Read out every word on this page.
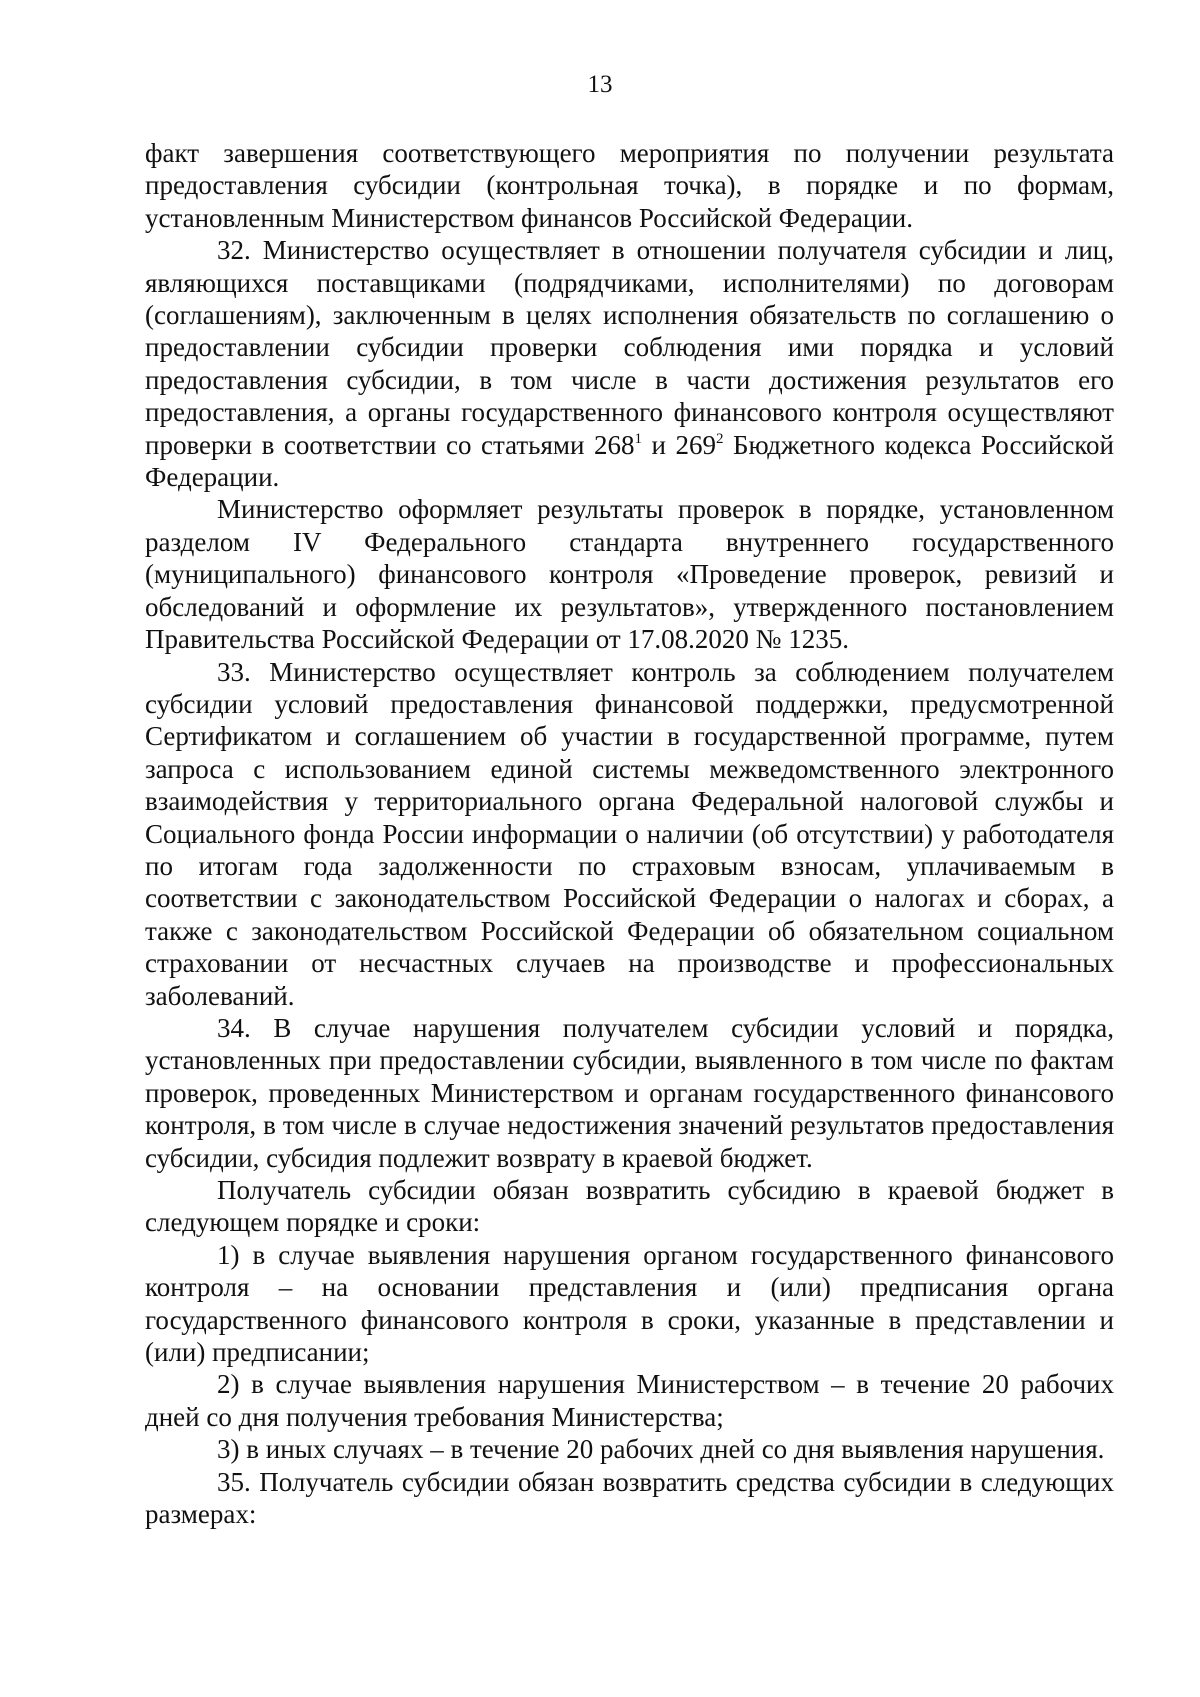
13

факт завершения соответствующего мероприятия по получении результата предоставления субсидии (контрольная точка), в порядке и по формам, установленным Министерством финансов Российской Федерации.

32. Министерство осуществляет в отношении получателя субсидии и лиц, являющихся поставщиками (подрядчиками, исполнителями) по договорам (соглашениям), заключенным в целях исполнения обязательств по соглашению о предоставлении субсидии проверки соблюдения ими порядка и условий предоставления субсидии, в том числе в части достижения результатов его предоставления, а органы государственного финансового контроля осуществляют проверки в соответствии со статьями $268^1$ и $269^2$ Бюджетного кодекса Российской Федерации.

Министерство оформляет результаты проверок в порядке, установленном разделом IV Федерального стандарта внутреннего государственного (муниципального) финансового контроля «Проведение проверок, ревизий и обследований и оформление их результатов», утвержденного постановлением Правительства Российской Федерации от 17.08.2020 № 1235.

33. Министерство осуществляет контроль за соблюдением получателем субсидии условий предоставления финансовой поддержки, предусмотренной Сертификатом и соглашением об участии в государственной программе, путем запроса с использованием единой системы межведомственного электронного взаимодействия у территориального органа Федеральной налоговой службы и Социального фонда России информации о наличии (об отсутствии) у работодателя по итогам года задолженности по страховым взносам, уплачиваемым в соответствии с законодательством Российской Федерации о налогах и сборах, а также с законодательством Российской Федерации об обязательном социальном страховании от несчастных случаев на производстве и профессиональных заболеваний.

34. В случае нарушения получателем субсидии условий и порядка, установленных при предоставлении субсидии, выявленного в том числе по фактам проверок, проведенных Министерством и органам государственного финансового контроля, в том числе в случае недостижения значений результатов предоставления субсидии, субсидия подлежит возврату в краевой бюджет.

Получатель субсидии обязан возвратить субсидию в краевой бюджет в следующем порядке и сроки:

1) в случае выявления нарушения органом государственного финансового контроля – на основании представления и (или) предписания органа государственного финансового контроля в сроки, указанные в представлении и (или) предписании;

2) в случае выявления нарушения Министерством – в течение 20 рабочих дней со дня получения требования Министерства;

3) в иных случаях – в течение 20 рабочих дней со дня выявления нарушения.

35. Получатель субсидии обязан возвратить средства субсидии в следующих размерах:
